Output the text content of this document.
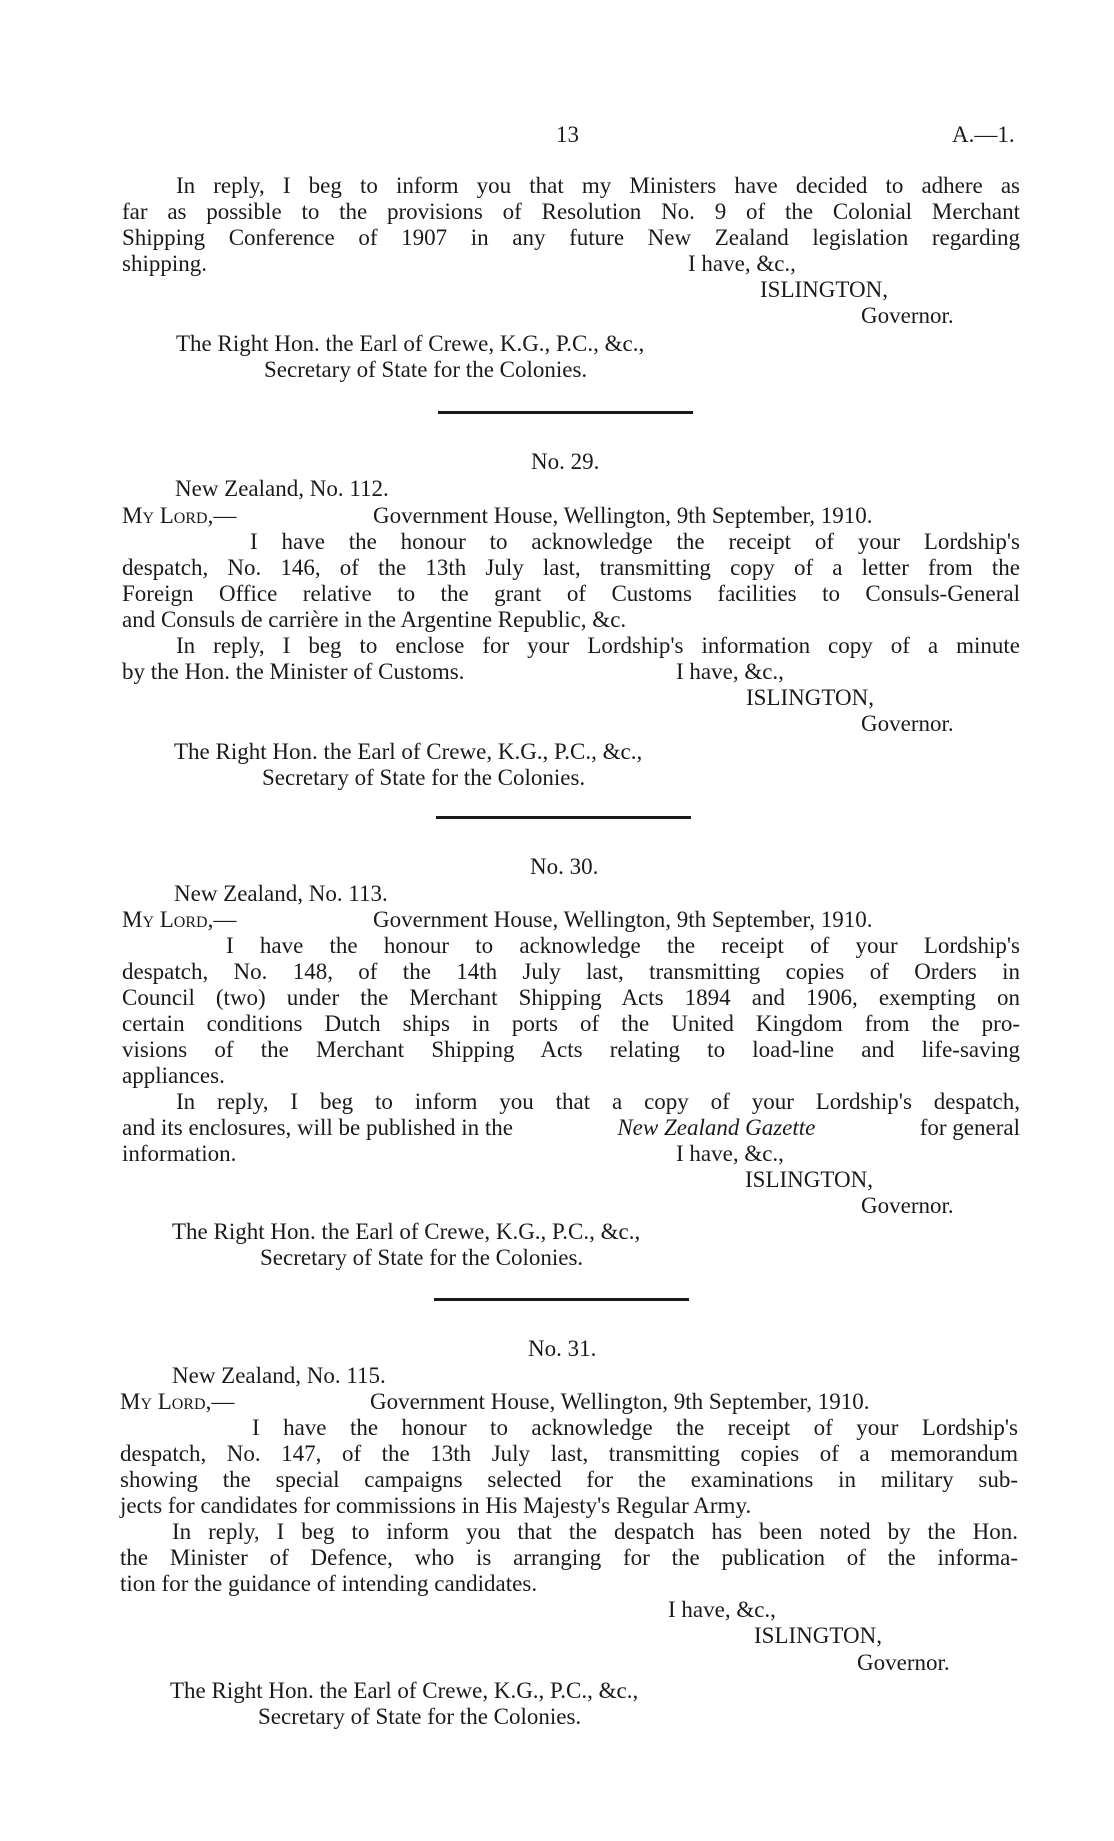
13	A.—1.
In reply, I beg to inform you that my Ministers have decided to adhere as
far as possible to the provisions of Resolution No. 9 of the Colonial Merchant
Shipping Conference of 1907 in any future New Zealand legislation regarding
shipping.	I have, &c.,
ISLINGTON,
Governor.
The Right Hon. the Earl of Crewe, K.G., P.C., &c.,
Secretary of State for the Colonies.
No. 29.
New Zealand, No. 112.
My Lord,—	Government House, Wellington, 9th September, 1910.
I have the honour to acknowledge the receipt of your Lordship's
despatch, No. 146, of the 13th July last, transmitting copy of a letter from the
Foreign Office relative to the grant of Customs facilities to Consuls-General
and Consuls de carrière in the Argentine Republic, &c.
In reply, I beg to enclose for your Lordship's information copy of a minute
by the Hon. the Minister of Customs.	I have, &c.,
ISLINGTON,
Governor.
The Right Hon. the Earl of Crewe, K.G., P.C., &c.,
Secretary of State for the Colonies.
No. 30.
New Zealand, No. 113.
My Lord,—	Government House, Wellington, 9th September, 1910.
I have the honour to acknowledge the receipt of your Lordship's
despatch, No. 148, of the 14th July last, transmitting copies of Orders in
Council (two) under the Merchant Shipping Acts 1894 and 1906, exempting on
certain conditions Dutch ships in ports of the United Kingdom from the pro-
visions of the Merchant Shipping Acts relating to load-line and life-saving
appliances.
In reply, I beg to inform you that a copy of your Lordship's despatch,
and its enclosures, will be published in the	New Zealand Gazette	for general
information.	I have, &c.,
ISLINGTON,
Governor.
The Right Hon. the Earl of Crewe, K.G., P.C., &c.,
Secretary of State for the Colonies.
No. 31.
New Zealand, No. 115.
My Lord,—	Government House, Wellington, 9th September, 1910.
I have the honour to acknowledge the receipt of your Lordship's
despatch, No. 147, of the 13th July last, transmitting copies of a memorandum
showing the special campaigns selected for the examinations in military sub-
jects for candidates for commissions in His Majesty's Regular Army.
In reply, I beg to inform you that the despatch has been noted by the Hon.
the Minister of Defence, who is arranging for the publication of the informa-
tion for the guidance of intending candidates.
I have, &c.,
ISLINGTON,
Governor.
The Right Hon. the Earl of Crewe, K.G., P.C., &c.,
Secretary of State for the Colonies.
